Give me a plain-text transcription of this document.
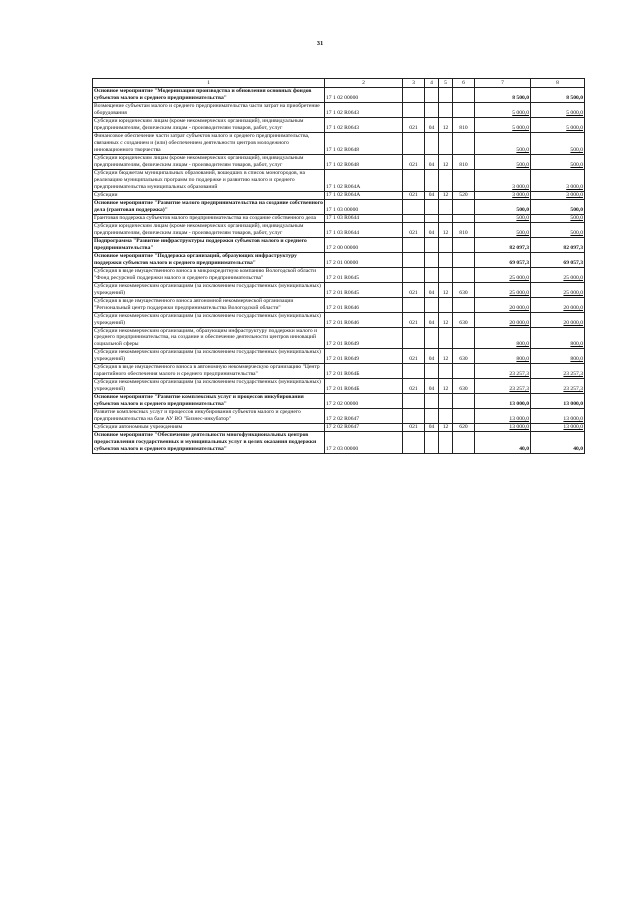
31
1	2	3	4	5	6	7	8
Основное мероприятие "Модернизация производства и обновления основных фондов субъектов малого и среднего предпринимательства"	17 1 02 00000					8 500,0	8 500,0
Возмещение субъектам малого и среднего предпринимательства части затрат на приобретение оборудования	17 1 02 R0643					5 000,0	5 000,0
Субсидии юридическим лицам (кроме некоммерческих организаций), индивидуальным предпринимателям, физическим лицам - производителям товаров, работ, услуг	17 1 02 R0643	021	04	12	810	5 000,0	5 000,0
Финансовое обеспечение части затрат субъектов малого и среднего предпринимательства, связанных с созданием и (или) обеспечением деятельности центров молодежного инновационного творчества	17 1 02 R0648					500,0	500,0
Субсидии юридическим лицам (кроме некоммерческих организаций), индивидуальным предпринимателям, физическим лицам - производителям товаров, работ, услуг	17 1 02 R0648	021	04	12	810	500,0	500,0
Субсидии бюджетам муниципальных образований, вошедших в список моногородов, на реализацию муниципальных программ по поддержке и развитию малого и среднего предпринимательства муниципальных образований	17 1 02 R064А					3 000,0	3 000,0
Субсидии	17 1 02 R064А	021	04	12	520	3 000,0	3 000,0
Основное мероприятие "Развитие малого предпринимательства на создание собственного дела (грантовая поддержка)"	17 1 03 00000					500,0	500,0
Грантовая поддержка субъектов малого предпринимательства на создание собственного дела	17 1 03 R0644					500,0	500,0
Субсидии юридическим лицам (кроме некоммерческих организаций), индивидуальным предпринимателям, физическим лицам - производителям товаров, работ, услуг	17 1 03 R0644	021	04	12	810	500,0	500,0
Подпрограмма "Развитие инфраструктуры поддержки субъектов малого и среднего предпринимательства"	17 2 00 00000					82 097,3	82 097,3
Основное мероприятие "Поддержка организаций, образующих инфраструктуру поддержки субъектов малого и среднего предпринимательства"	17 2 01 00000					69 057,3	69 057,3
Субсидия в виде имущественного взноса в микрокредитную компанию Вологодской области "Фонд ресурсной поддержки малого и среднего предпринимательства"	17 2 01 R0645					25 000,0	25 000,0
Субсидии некоммерческим организациям (за исключением государственных (муниципальных) учреждений)	17 2 01 R0645	021	04	12	630	25 000,0	25 000,0
Субсидия в виде имущественного взноса автономной некоммерческой организации "Региональный центр поддержки предпринимательства Вологодской области"	17 2 01 R0646					20 000,0	20 000,0
Субсидии некоммерческим организациям (за исключением государственных (муниципальных) учреждений)	17 2 01 R0646	021	04	12	630	20 000,0	20 000,0
Субсидии некоммерческим организациям, образующим инфраструктуру поддержки малого и среднего предпринимательства, на создание и обеспечение деятельности центров инноваций социальной сферы	17 2 01 R0649					800,0	800,0
Субсидии некоммерческим организациям (за исключением государственных (муниципальных) учреждений)	17 2 01 R0649	021	04	12	630	800,0	800,0
Субсидия в виде имущественного взноса в автономную некоммерческую организацию "Центр гарантийного обеспечения малого и среднего предпринимательства"	17 2 01 R064Б					23 257,3	23 257,3
Субсидии некоммерческим организациям (за исключением государственных (муниципальных) учреждений)	17 2 01 R064Б	021	04	12	630	23 257,3	23 257,3
Основное мероприятие "Развитие комплексных услуг и процессов инкубирования субъектов малого и среднего предпринимательства"	17 2 02 00000					13 000,0	13 000,0
Развитие комплексных услуг и процессов инкубирования субъектов малого и среднего предпринимательства на базе АУ ВО "Бизнес-инкубатор"	17 2 02 R0647					13 000,0	13 000,0
Субсидии автономным учреждениям	17 2 02 R0647	021	04	12	620	13 000,0	13 000,0
Основное мероприятие "Обеспечение деятельности многофункциональных центров предоставления государственных и муниципальных услуг в целях оказания поддержки субъектов малого и среднего предпринимательства"	17 2 03 00000					40,0	40,0
